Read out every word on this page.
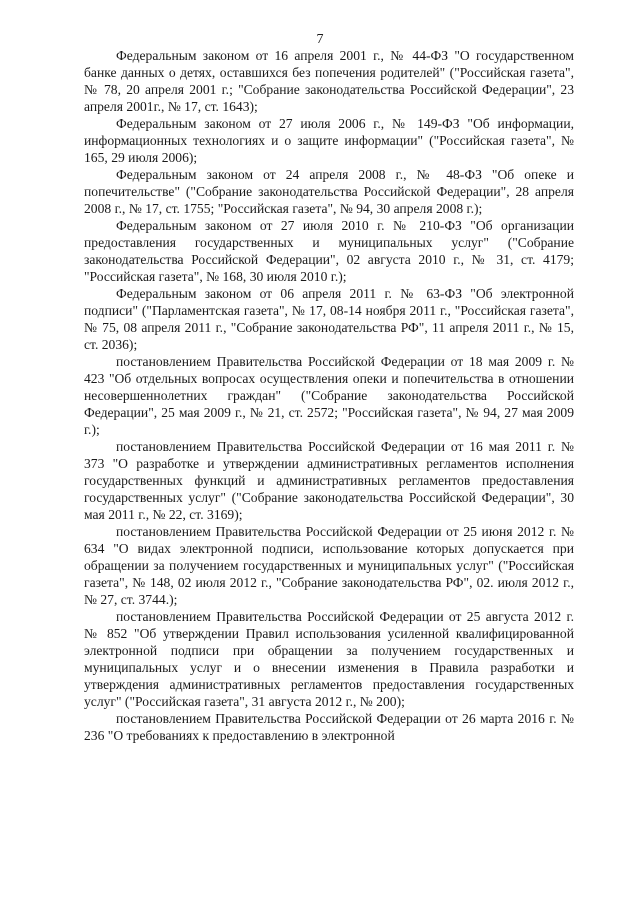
7

Федеральным законом от 16 апреля 2001 г., № 44-ФЗ "О государственном банке данных о детях, оставшихся без попечения родителей" ("Российская газета", № 78, 20 апреля 2001 г.; "Собрание законодательства Российской Федерации", 23 апреля 2001г., № 17, ст. 1643);

Федеральным законом от 27 июля 2006 г., № 149-ФЗ "Об информации, информационных технологиях и о защите информации" ("Российская газета", № 165, 29 июля 2006);

Федеральным законом от 24 апреля 2008 г., № 48-ФЗ "Об опеке и попечительстве" ("Собрание законодательства Российской Федерации", 28 апреля 2008 г., № 17, ст. 1755; "Российская газета", № 94, 30 апреля 2008 г.);

Федеральным законом от 27 июля 2010 г. № 210-ФЗ "Об организации предоставления государственных и муниципальных услуг" ("Собрание законодательства Российской Федерации", 02 августа 2010 г., № 31, ст. 4179; "Российская газета", № 168, 30 июля 2010 г.);

Федеральным законом от 06 апреля 2011 г. № 63-ФЗ "Об электронной подписи" ("Парламентская газета", № 17, 08-14 ноября 2011 г., "Российская газета", № 75, 08 апреля 2011 г., "Собрание законодательства РФ", 11 апреля 2011 г., № 15, ст. 2036);

постановлением Правительства Российской Федерации от 18 мая 2009 г. № 423 "Об отдельных вопросах осуществления опеки и попечительства в отношении несовершеннолетних граждан" ("Собрание законодательства Российской Федерации", 25 мая 2009 г., № 21, ст. 2572; "Российская газета", № 94, 27 мая 2009 г.);

постановлением Правительства Российской Федерации от 16 мая 2011 г. № 373 "О разработке и утверждении административных регламентов исполнения государственных функций и административных регламентов предоставления государственных услуг" ("Собрание законодательства Российской Федерации", 30 мая 2011 г., № 22, ст. 3169);

постановлением Правительства Российской Федерации от 25 июня 2012 г. № 634 "О видах электронной подписи, использование которых допускается при обращении за получением государственных и муниципальных услуг" ("Российская газета", № 148, 02 июля 2012 г., "Собрание законодательства РФ", 02. июля 2012 г., № 27, ст. 3744.);

постановлением Правительства Российской Федерации от 25 августа 2012 г. № 852 "Об утверждении Правил использования усиленной квалифицированной электронной подписи при обращении за получением государственных и муниципальных услуг и о внесении изменения в Правила разработки и утверждения административных регламентов предоставления государственных услуг" ("Российская газета", 31 августа 2012 г., № 200);

постановлением Правительства Российской Федерации от 26 марта 2016 г. № 236 "О требованиях к предоставлению в электронной
